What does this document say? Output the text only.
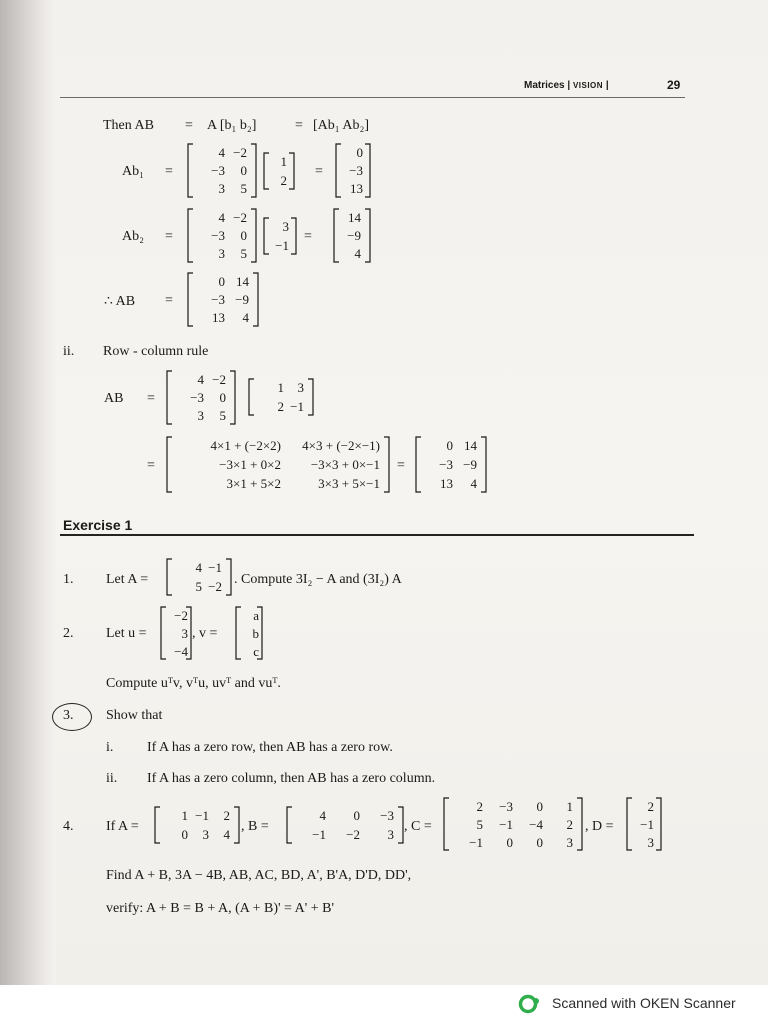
Matrices | VISION |	29
Then AB = A [b₁ b₂]	= [Ab₁ Ab₂]
Ab₁ =
4 −2
−3	0
3	5
1
2
=
0
−3
13
Ab₂ =
4 −2
−3	0
3	5
3
−1
=
14
−9
4
∴ AB =
0 14
−3 −9
13	4
ii. Row - column rule
AB =
4 −2
−3	0
3	5
1	3
2 −1
=
4×1 + (−2×2)	4×3 + (−2×−1)
−3×1 + 0×2	−3×3 + 0×−1
3×1 + 5×2	3×3 + 5×−1
=
0 14
−3 −9
13	4
Exercise 1
1. Let A =
4 −1
5 −2 . Compute 3I₂ − A and (3I₂) A
2. Let u =
−2
3
−4
, v =
a
b
c
Compute uᵀv, vᵀu, uvᵀ and vuᵀ.
3. Show that
i. If A has a zero row, then AB has a zero row.
ii. If A has a zero column, then AB has a zero column.
4. If A =
1 −1	2
0	3	4
, B =
4	0	−3
−1	−2	3
, C =
2	−3	0	1
5	−1	−4	2
−1	0	0	3
, D =
2
−1
3
Find A + B, 3A − 4B, AB, AC, BD, A', B'A, D'D, DD',
verify: A + B = B + A, (A + B)' = A' + B'
Scanned with OKEN Scanner
